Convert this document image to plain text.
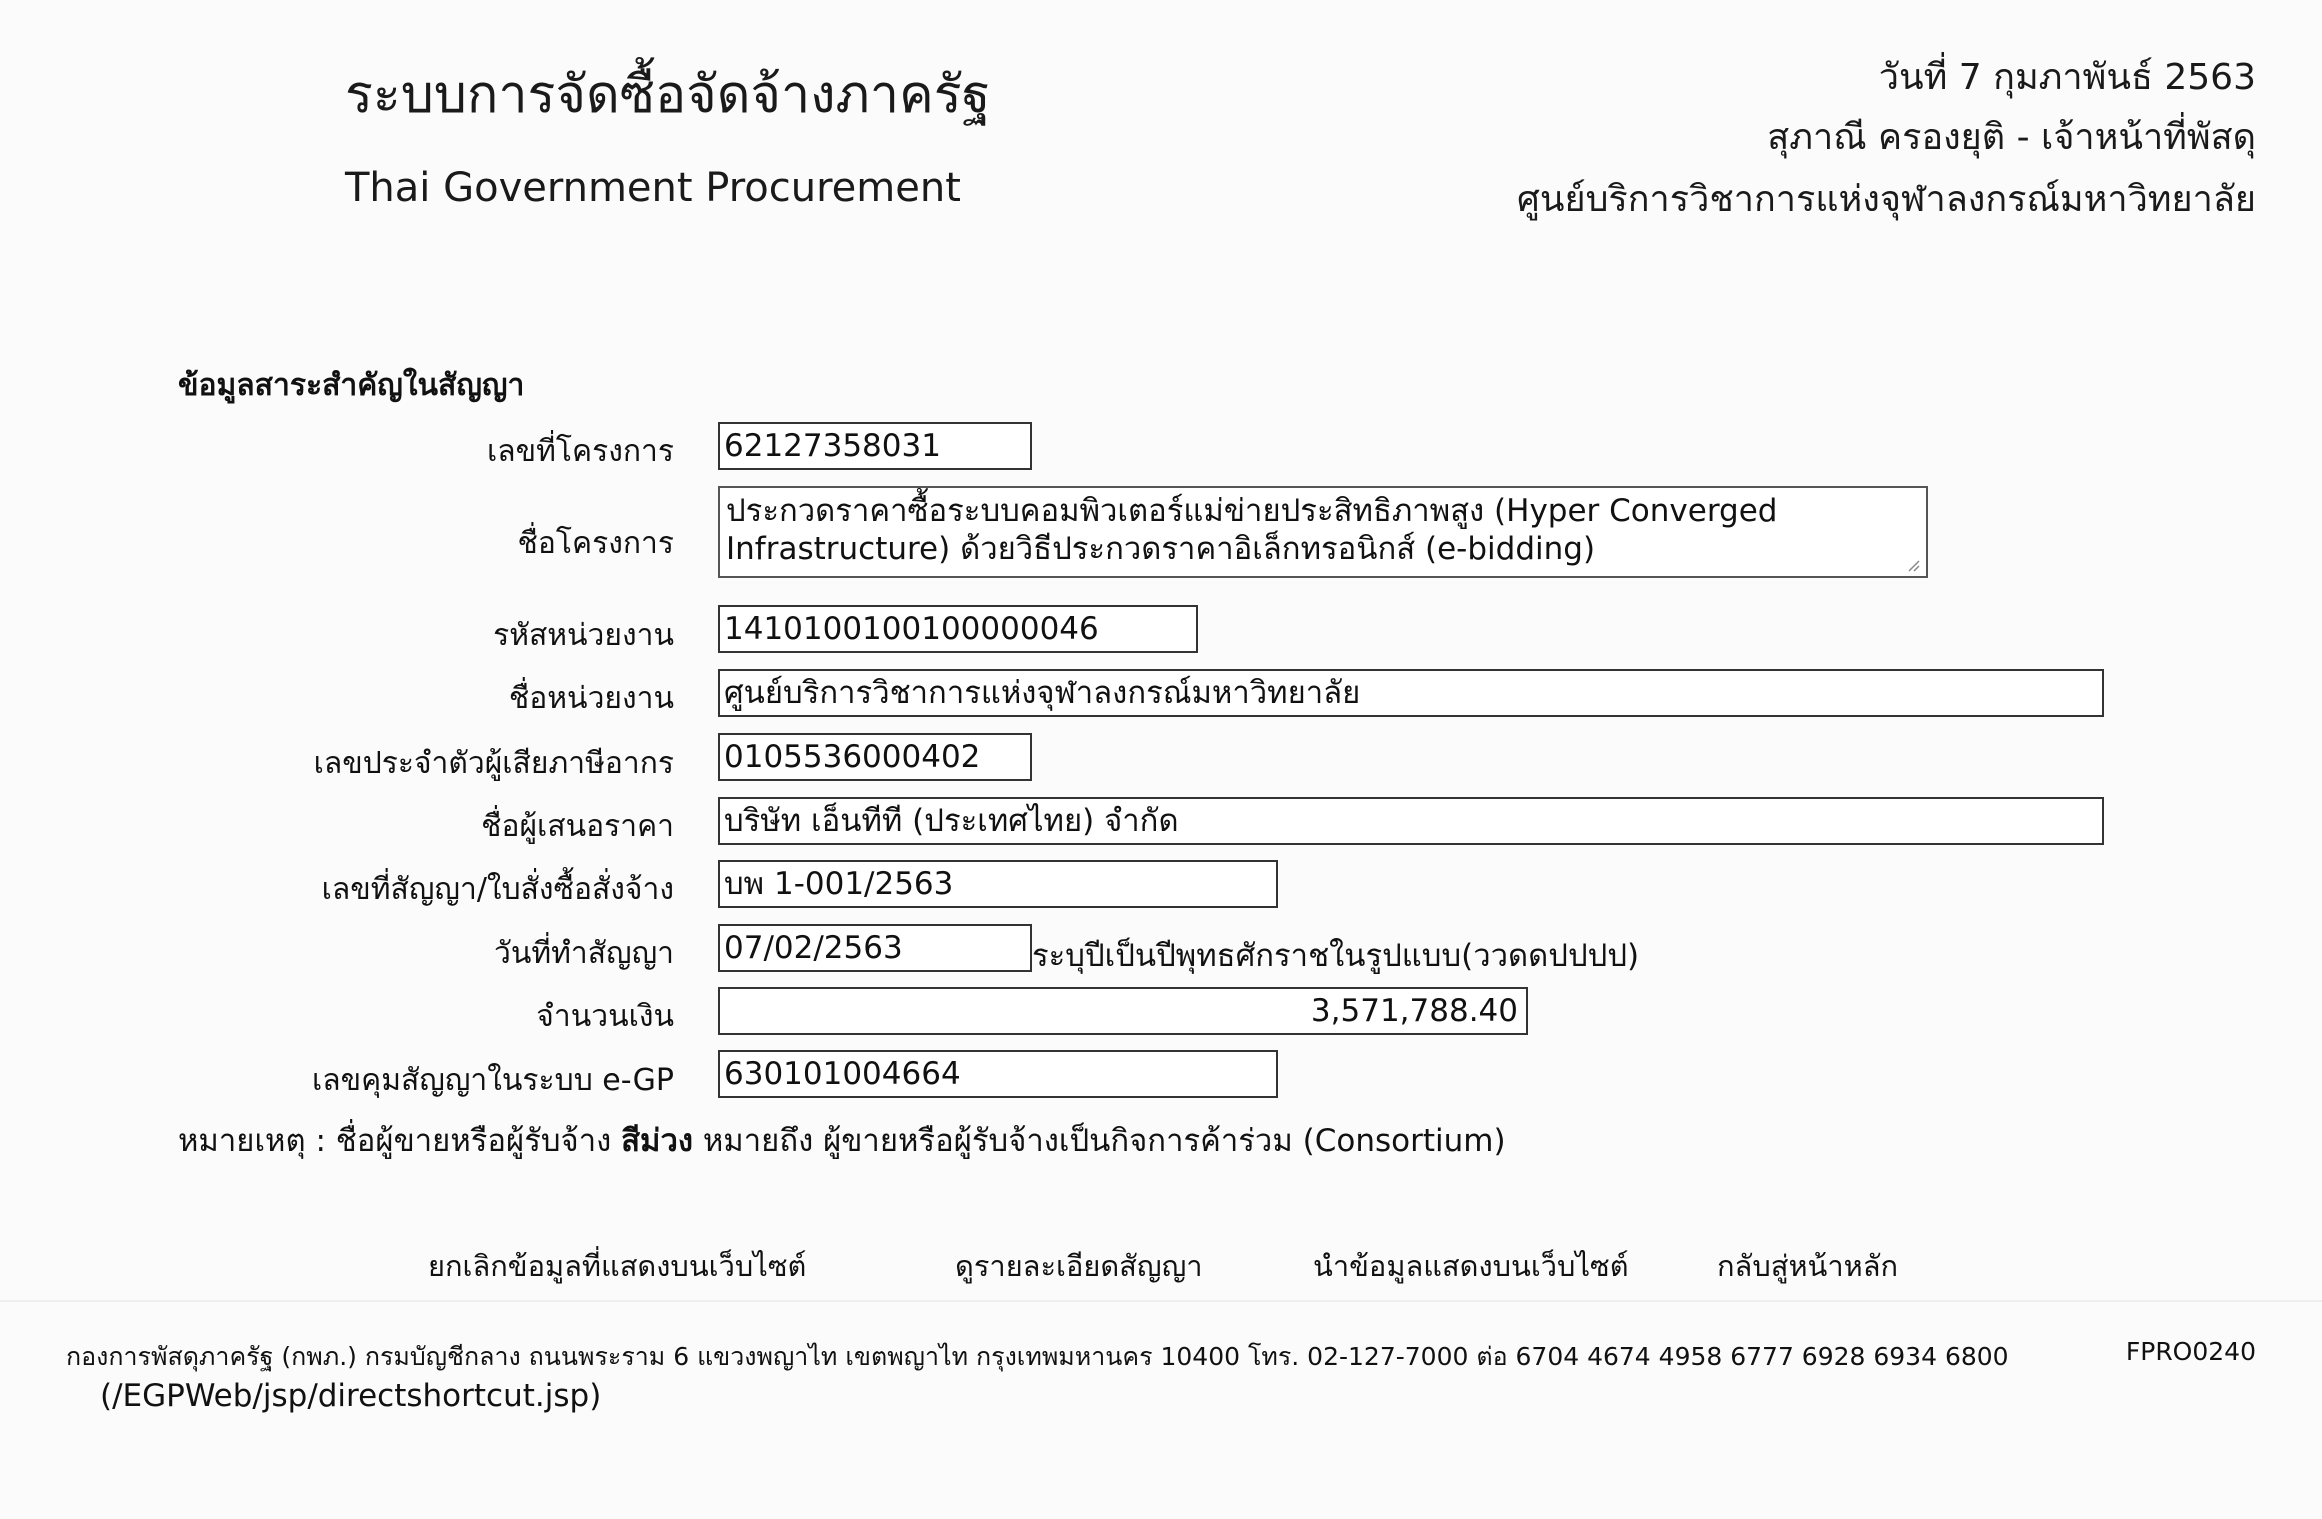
ระบบการจัดซื้อจัดจ้างภาครัฐ
Thai Government Procurement
วันที่ 7 กุมภาพันธ์ 2563
สุภาณี ครองยุติ - เจ้าหน้าที่พัสดุ
ศูนย์บริการวิชาการแห่งจุฬาลงกรณ์มหาวิทยาลัย
ข้อมูลสาระสำคัญในสัญญา
เลขที่โครงการ 62127358031
ชื่อโครงการ
ประกวดราคาซื้อระบบคอมพิวเตอร์แม่ข่ายประสิทธิภาพสูง (Hyper Converged Infrastructure) ด้วยวิธีประกวดราคาอิเล็กทรอนิกส์ (e-bidding)
รหัสหน่วยงาน 1410100100100000046
ชื่อหน่วยงาน ศูนย์บริการวิชาการแห่งจุฬาลงกรณ์มหาวิทยาลัย
เลขประจำตัวผู้เสียภาษีอากร 0105536000402
ชื่อผู้เสนอราคา บริษัท เอ็นทีที (ประเทศไทย) จำกัด
เลขที่สัญญา/ใบสั่งซื้อสั่งจ้าง บพ 1-001/2563
วันที่ทำสัญญา 07/02/2563	ระบุปีเป็นปีพุทธศักราชในรูปแบบ(ววดดปปปป)
จำนวนเงิน	3,571,788.40
เลขคุมสัญญาในระบบ e-GP 630101004664
หมายเหตุ : ชื่อผู้ขายหรือผู้รับจ้าง สีม่วง หมายถึง ผู้ขายหรือผู้รับจ้างเป็นกิจการค้าร่วม (Consortium)
ยกเลิกข้อมูลที่แสดงบนเว็บไซต์	ดูรายละเอียดสัญญา	นำข้อมูลแสดงบนเว็บไซต์	กลับสู่หน้าหลัก
กองการพัสดุภาครัฐ (กพภ.) กรมบัญชีกลาง ถนนพระราม 6 แขวงพญาไท เขตพญาไท กรุงเทพมหานคร 10400 โทร. 02-127-7000 ต่อ 6704 4674 4958 6777 6928 6934 6800	FPRO0240
(/EGPWeb/jsp/directshortcut.jsp)
